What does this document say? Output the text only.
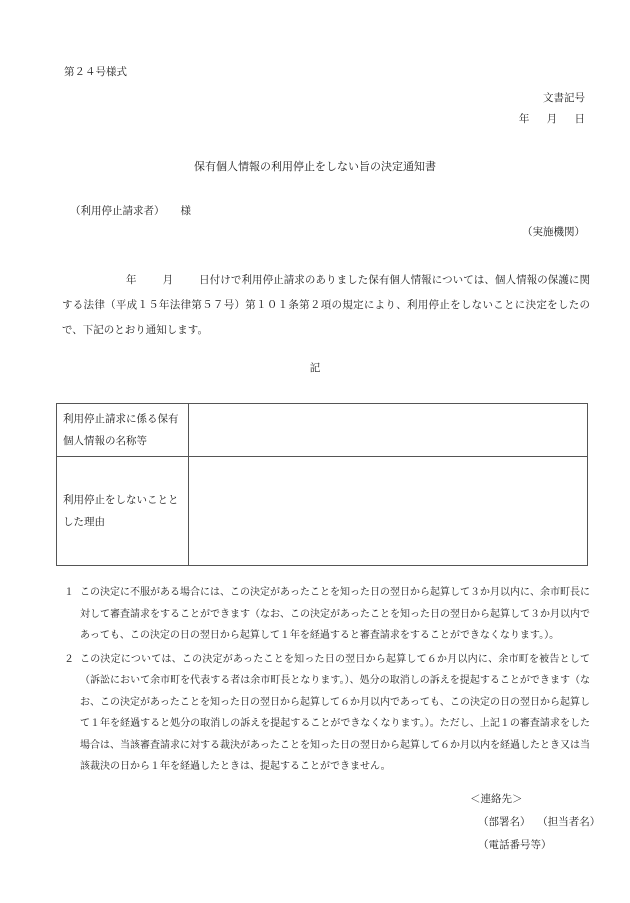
第２４号様式
文書記号
年 月 日
保有個人情報の利用停止をしない旨の決定通知書
（利用停止請求者） 様
（実施機関）
年 月 日付けで利用停止請求のありました保有個人情報については、個人情報の保護に関する法律（平成１５年法律第５７号）第１０１条第２項の規定により、利用停止をしないことに決定をしたので、下記のとおり通知します。
記
利用停止請求に係る保有個人情報の名称等	
利用停止をしないこととした理由	
１ この決定に不服がある場合には、この決定があったことを知った日の翌日から起算して３か月以内に、余市町長に対して審査請求をすることができます（なお、この決定があったことを知った日の翌日から起算して３か月以内であっても、この決定の日の翌日から起算して１年を経過すると審査請求をすることができなくなります。）。
２ この決定については、この決定があったことを知った日の翌日から起算して６か月以内に、余市町を被告として（訴訟において余市町を代表する者は余市町長となります。）、処分の取消しの訴えを提起することができます（なお、この決定があったことを知った日の翌日から起算して６か月以内であっても、この決定の日の翌日から起算して１年を経過すると処分の取消しの訴えを提起することができなくなります。）。ただし、上記１の審査請求をした場合は、当該審査請求に対する裁決があったことを知った日の翌日から起算して６か月以内を経過したとき又は当該裁決の日から１年を経過したときは、提起することができません。
＜連絡先＞
（部署名） （担当者名）
（電話番号等）
